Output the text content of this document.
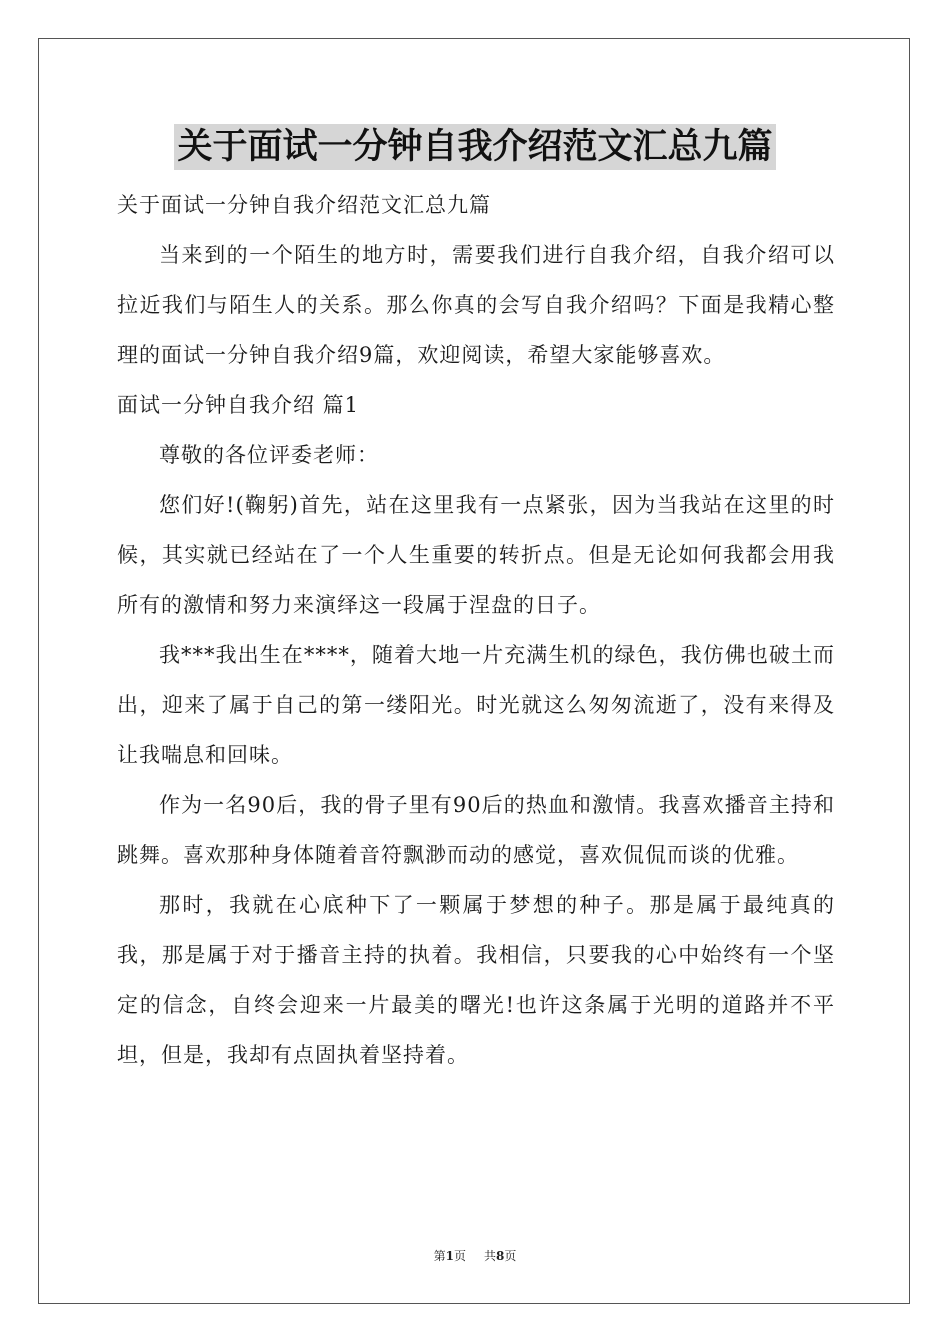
关于面试一分钟自我介绍范文汇总九篇

关于面试一分钟自我介绍范文汇总九篇

当来到的一个陌生的地方时，需要我们进行自我介绍，自我介绍可以拉近我们与陌生人的关系。那么你真的会写自我介绍吗？下面是我精心整理的面试一分钟自我介绍9篇，欢迎阅读，希望大家能够喜欢。

面试一分钟自我介绍 篇1

尊敬的各位评委老师：

您们好!(鞠躬)首先，站在这里我有一点紧张，因为当我站在这里的时候，其实就已经站在了一个人生重要的转折点。但是无论如何我都会用我所有的激情和努力来演绎这一段属于涅盘的日子。

我***我出生在****，随着大地一片充满生机的绿色，我仿佛也破土而出，迎来了属于自己的第一缕阳光。时光就这么匆匆流逝了，没有来得及让我喘息和回味。

作为一名90后，我的骨子里有90后的热血和激情。我喜欢播音主持和跳舞。喜欢那种身体随着音符飘渺而动的感觉，喜欢侃侃而谈的优雅。

那时，我就在心底种下了一颗属于梦想的种子。那是属于最纯真的我，那是属于对于播音主持的执着。我相信，只要我的心中始终有一个坚定的信念，自终会迎来一片最美的曙光!也许这条属于光明的道路并不平坦，但是，我却有点固执着坚持着。

第1页 共8页
